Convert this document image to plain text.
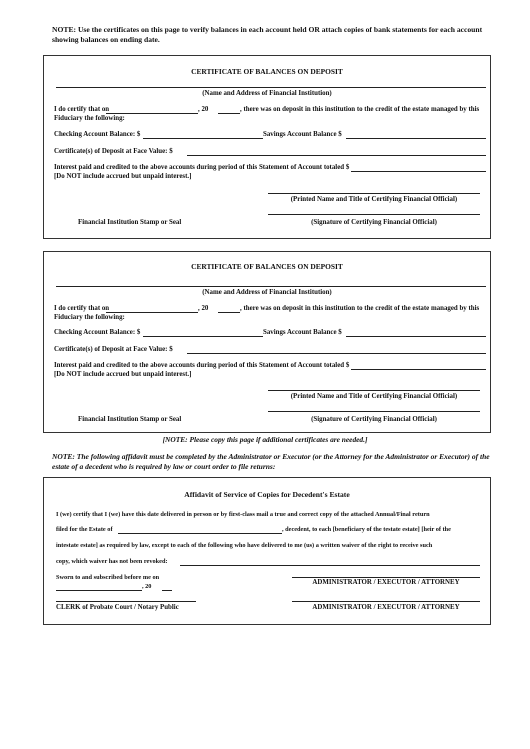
NOTE: Use the certificates on this page to verify balances in each account held OR attach copies of bank statements for each account showing balances on ending date.
CERTIFICATE OF BALANCES ON DEPOSIT
(Name and Address of Financial Institution)
I do certify that on	, 20	, there was on deposit in this institution to the credit of the estate managed by this
Fiduciary the following:
Checking Account Balance: $	Savings Account Balance $
Certificate(s) of Deposit at Face Value: $
Interest paid and credited to the above accounts during period of this Statement of Account totaled $
[Do NOT include accrued but unpaid interest.]
(Printed Name and Title of Certifying Financial Official)
Financial Institution Stamp or Seal	(Signature of Certifying Financial Official)
CERTIFICATE OF BALANCES ON DEPOSIT
(Name and Address of Financial Institution)
I do certify that on	, 20	, there was on deposit in this institution to the credit of the estate managed by this
Fiduciary the following:
Checking Account Balance: $	Savings Account Balance $
Certificate(s) of Deposit at Face Value: $
Interest paid and credited to the above accounts during period of this Statement of Account totaled $
[Do NOT include accrued but unpaid interest.]
(Printed Name and Title of Certifying Financial Official)
Financial Institution Stamp or Seal	(Signature of Certifying Financial Official)
[NOTE: Please copy this page if additional certificates are needed.]
NOTE: The following affidavit must be completed by the Administrator or Executor (or the Attorney for the Administrator or Executor) of the estate of a decedent who is required by law or court order to file returns:
Affidavit of Service of Copies for Decedent's Estate
I (we) certify that I (we) have this date delivered in person or by first-class mail a true and correct copy of the attached Annual/Final return
filed for the Estate of	, decedent, to each [beneficiary of the testate estate] [heir of the
intestate estate] as required by law, except to each of the following who have delivered to me (us) a written waiver of the right to receive such
copy, which waiver has not been revoked:
Sworn to and subscribed before me on
, 20
ADMINISTRATOR / EXECUTOR / ATTORNEY
CLERK of Probate Court / Notary Public	ADMINISTRATOR / EXECUTOR / ATTORNEY
